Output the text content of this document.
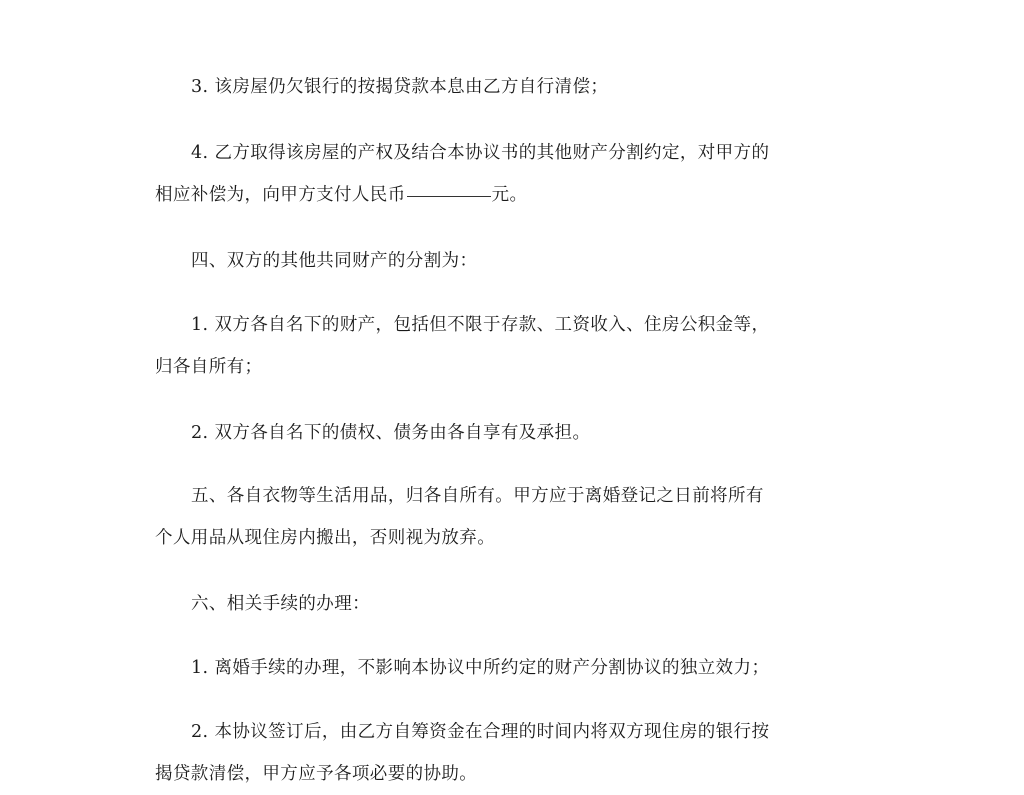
3. 该房屋仍欠银行的按揭贷款本息由乙方自行清偿；

4. 乙方取得该房屋的产权及结合本协议书的其他财产分割约定，对甲方的
相应补偿为，向甲方支付人民币	元。

四、双方的其他共同财产的分割为：

1. 双方各自名下的财产，包括但不限于存款、工资收入、住房公积金等，
归各自所有；

2. 双方各自名下的债权、债务由各自享有及承担。

五、各自衣物等生活用品，归各自所有。甲方应于离婚登记之日前将所有
个人用品从现住房内搬出，否则视为放弃。

六、相关手续的办理：

1. 离婚手续的办理，不影响本协议中所约定的财产分割协议的独立效力；

2. 本协议签订后，由乙方自筹资金在合理的时间内将双方现住房的银行按
揭贷款清偿，甲方应予各项必要的协助。
